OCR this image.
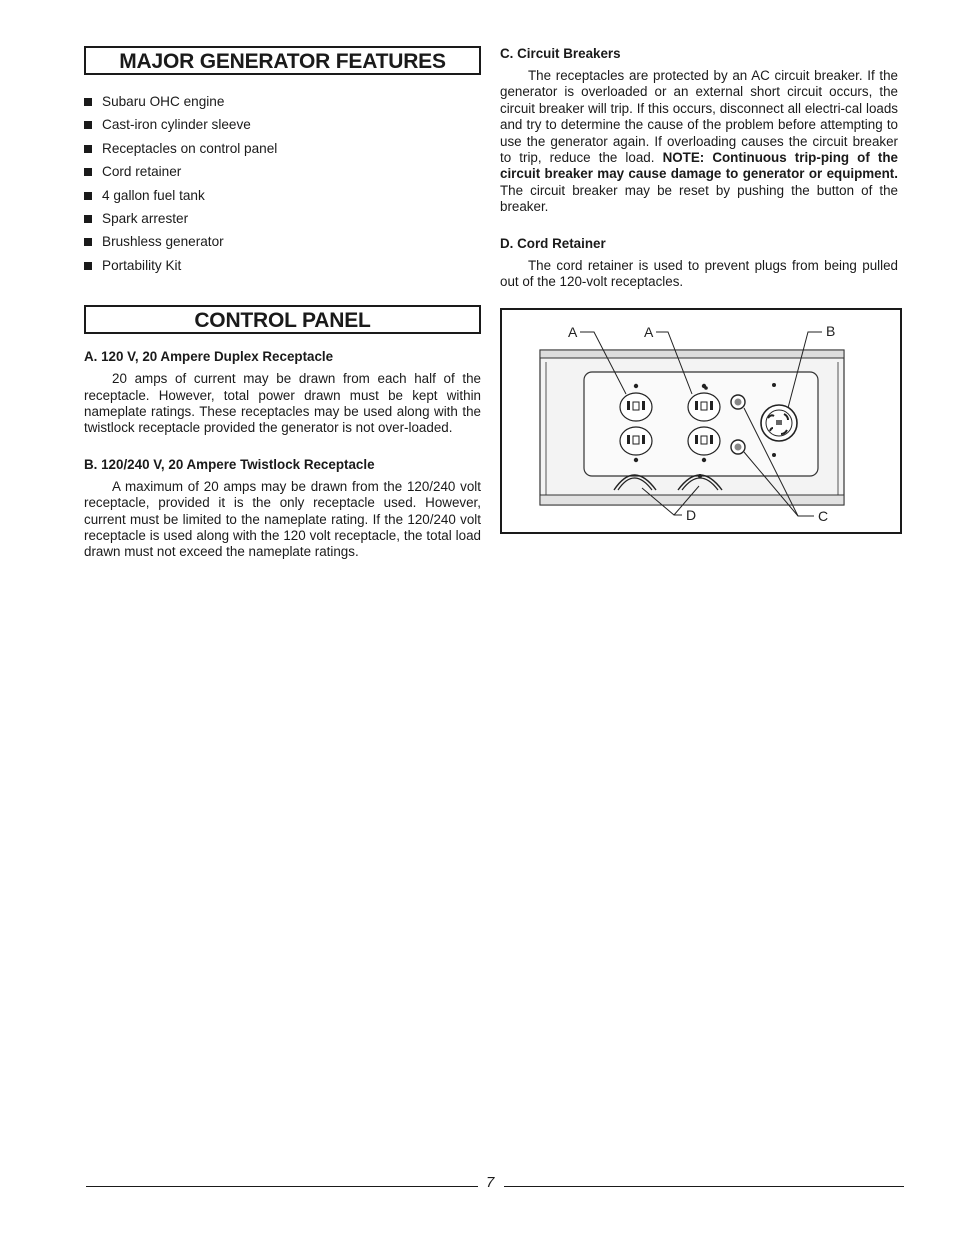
MAJOR GENERATOR FEATURES
Subaru OHC engine
Cast-iron cylinder sleeve
Receptacles on control panel
Cord retainer
4 gallon fuel tank
Spark arrester
Brushless generator
Portability Kit
CONTROL PANEL

A. 120 V, 20 Ampere Duplex Receptacle

20 amps of current may be drawn from each half of the receptacle. However, total power drawn must be kept within nameplate ratings. These receptacles may be used along with the twistlock receptacle provided the generator is not over-loaded.

B. 120/240 V, 20 Ampere Twistlock Receptacle

A maximum of 20 amps may be drawn from the 120/240 volt receptacle, provided it is the only receptacle used. However, current must be limited to the nameplate rating. If the 120/240 volt receptacle is used along with the 120 volt receptacle, the total load drawn must not exceed the nameplate ratings.

C. Circuit Breakers

The receptacles are protected by an AC circuit breaker. If the generator is overloaded or an external short circuit occurs, the circuit breaker will trip. If this occurs, disconnect all electri-cal loads and try to determine the cause of the problem before attempting to use the generator again. If overloading causes the circuit breaker to trip, reduce the load. NOTE: Continuous trip-ping of the circuit breaker may cause damage to generator or equipment. The circuit breaker may be reset by pushing the button of the breaker.

D. Cord Retainer

The cord retainer is used to prevent plugs from being pulled out of the 120-volt receptacles.

A	A	B
D	C
7
